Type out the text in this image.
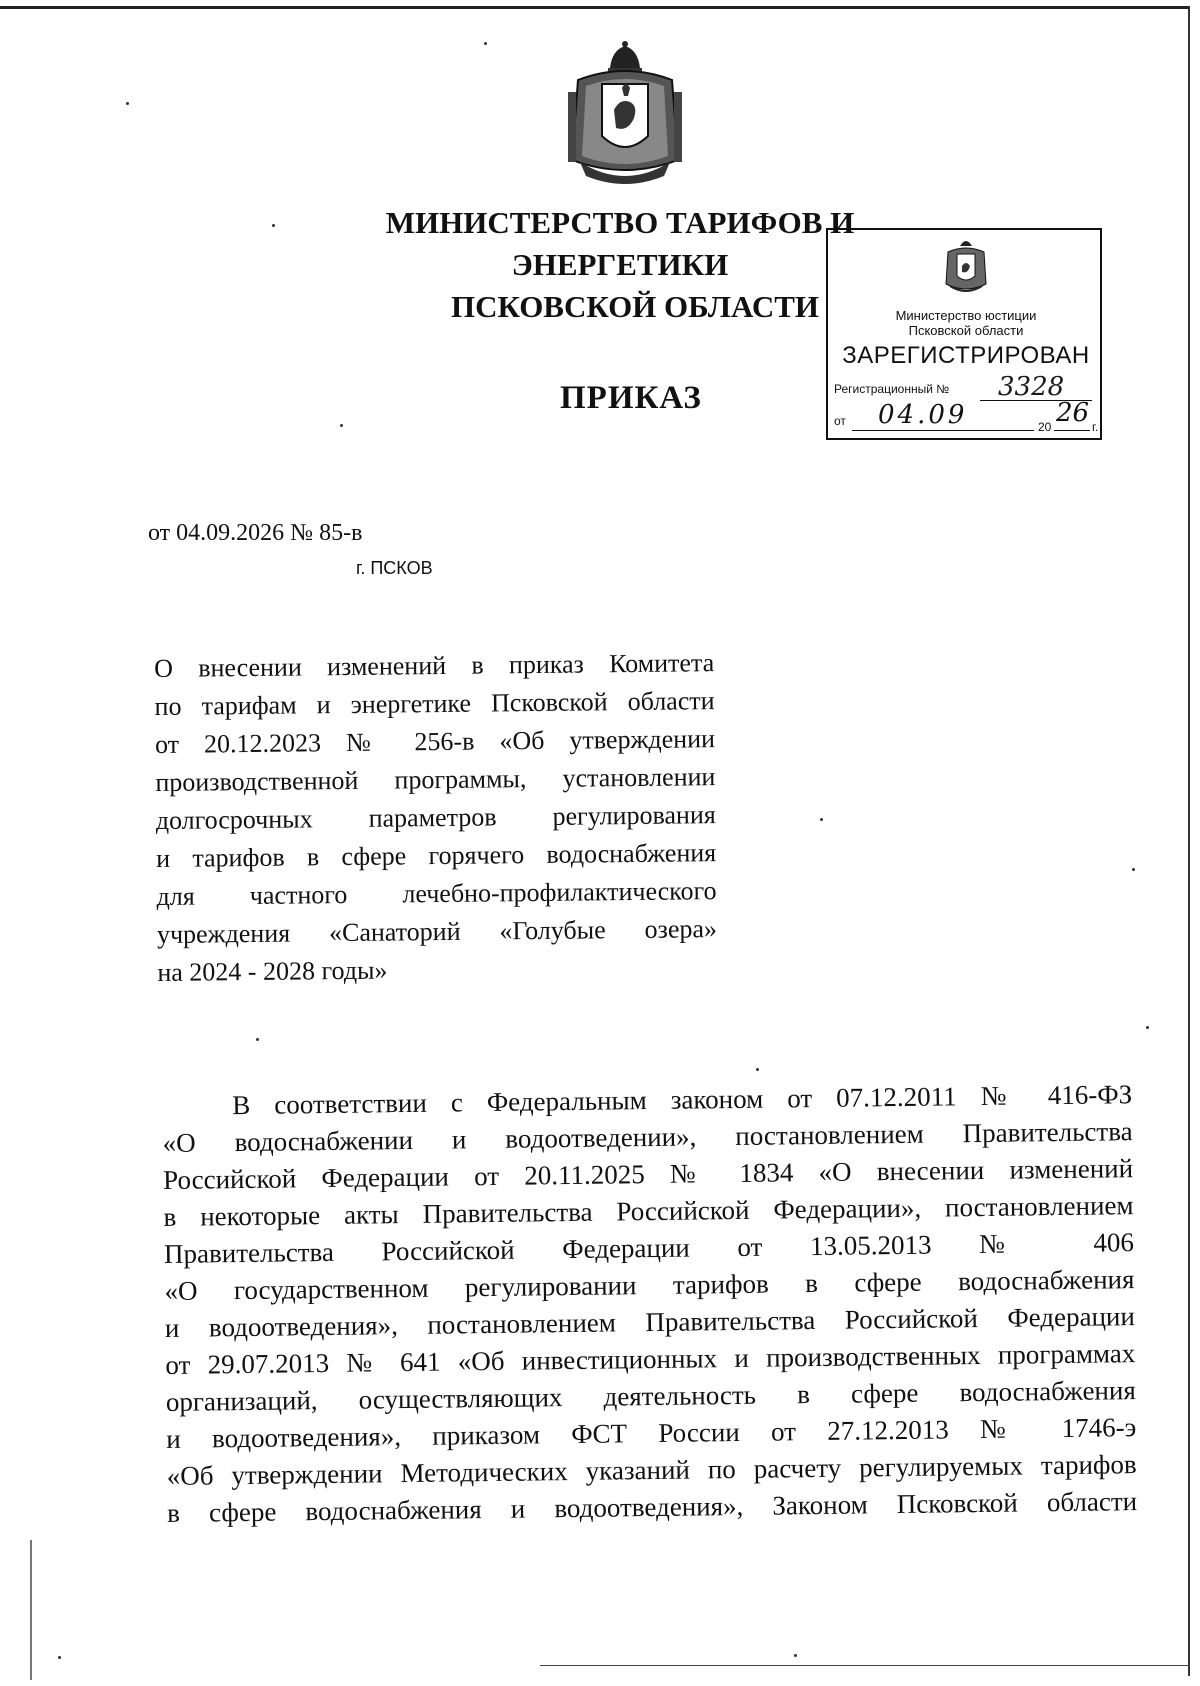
МИНИСТЕРСТВО ТАРИФОВ И ЭНЕРГЕТИКИ
ПСКОВСКОЙ ОБЛАСТИ	Министерство юстиции
Псковской области
ЗАРЕГИСТРИРОВАН
Регистрационный № 3328
от 04.09	20 26 г.
ПРИКАЗ
от 04.09.2026 № 85-в
г. ПСКОВ
О внесении изменений в приказ Комитета
по тарифам и энергетике Псковской области
от 20.12.2023 № 256-в «Об утверждении
производственной программы, установлении
долгосрочных параметров регулирования
и тарифов в сфере горячего водоснабжения
для частного лечебно-профилактического
учреждения «Санаторий «Голубые озера»
на 2024 - 2028 годы»
В соответствии с Федеральным законом от 07.12.2011 № 416-ФЗ
«О водоснабжении и водоотведении», постановлением Правительства
Российской Федерации от 20.11.2025 № 1834 «О внесении изменений
в некоторые акты Правительства Российской Федерации», постановлением
Правительства Российской Федерации от 13.05.2013 № 406
«О государственном регулировании тарифов в сфере водоснабжения
и водоотведения», постановлением Правительства Российской Федерации
от 29.07.2013 № 641 «Об инвестиционных и производственных программах
организаций, осуществляющих деятельность в сфере водоснабжения
и водоотведения», приказом ФСТ России от 27.12.2013 № 1746-э
«Об утверждении Методических указаний по расчету регулируемых тарифов
в сфере водоснабжения и водоотведения», Законом Псковской области
